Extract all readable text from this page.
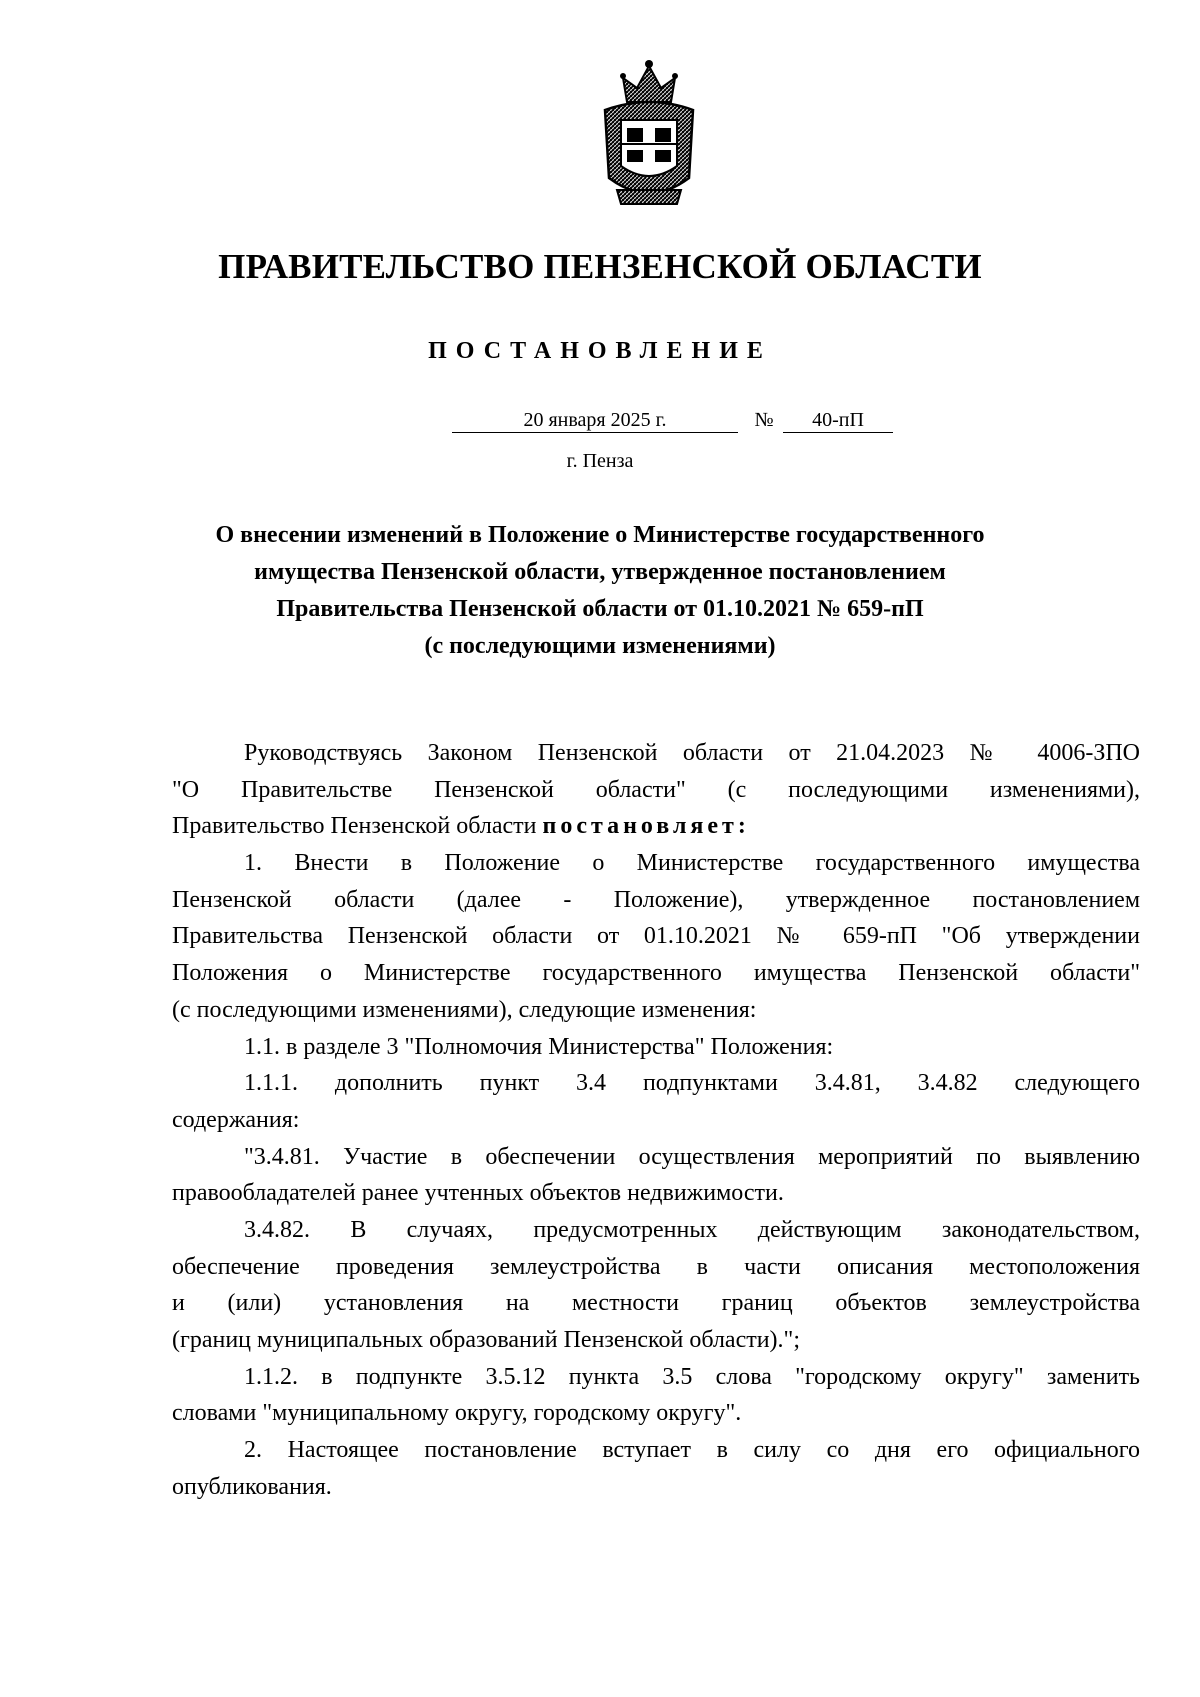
ПРАВИТЕЛЬСТВО ПЕНЗЕНСКОЙ ОБЛАСТИ
ПОСТАНОВЛЕНИЕ
20 января 2025 г.	№	40-пП
г. Пенза
О внесении изменений в Положение о Министерстве государственного
имущества Пензенской области, утвержденное постановлением
Правительства Пензенской области от 01.10.2021 № 659-пП
(с последующими изменениями)
Руководствуясь Законом Пензенской области от 21.04.2023 № 4006-ЗПО
"О Правительстве Пензенской области" (с последующими изменениями),
Правительство Пензенской области постановляет:
1. Внести в Положение о Министерстве государственного имущества
Пензенской области (далее - Положение), утвержденное постановлением
Правительства Пензенской области от 01.10.2021 № 659-пП "Об утверждении
Положения о Министерстве государственного имущества Пензенской области"
(с последующими изменениями), следующие изменения:
1.1. в разделе 3 "Полномочия Министерства" Положения:
1.1.1. дополнить пункт 3.4 подпунктами 3.4.81, 3.4.82 следующего
содержания:
"3.4.81. Участие в обеспечении осуществления мероприятий по выявлению
правообладателей ранее учтенных объектов недвижимости.
3.4.82. В случаях, предусмотренных действующим законодательством,
обеспечение проведения землеустройства в части описания местоположения
и (или) установления на местности границ объектов землеустройства
(границ муниципальных образований Пензенской области).";
1.1.2. в подпункте 3.5.12 пункта 3.5 слова "городскому округу" заменить
словами "муниципальному округу, городскому округу".
2. Настоящее постановление вступает в силу со дня его официального
опубликования.
